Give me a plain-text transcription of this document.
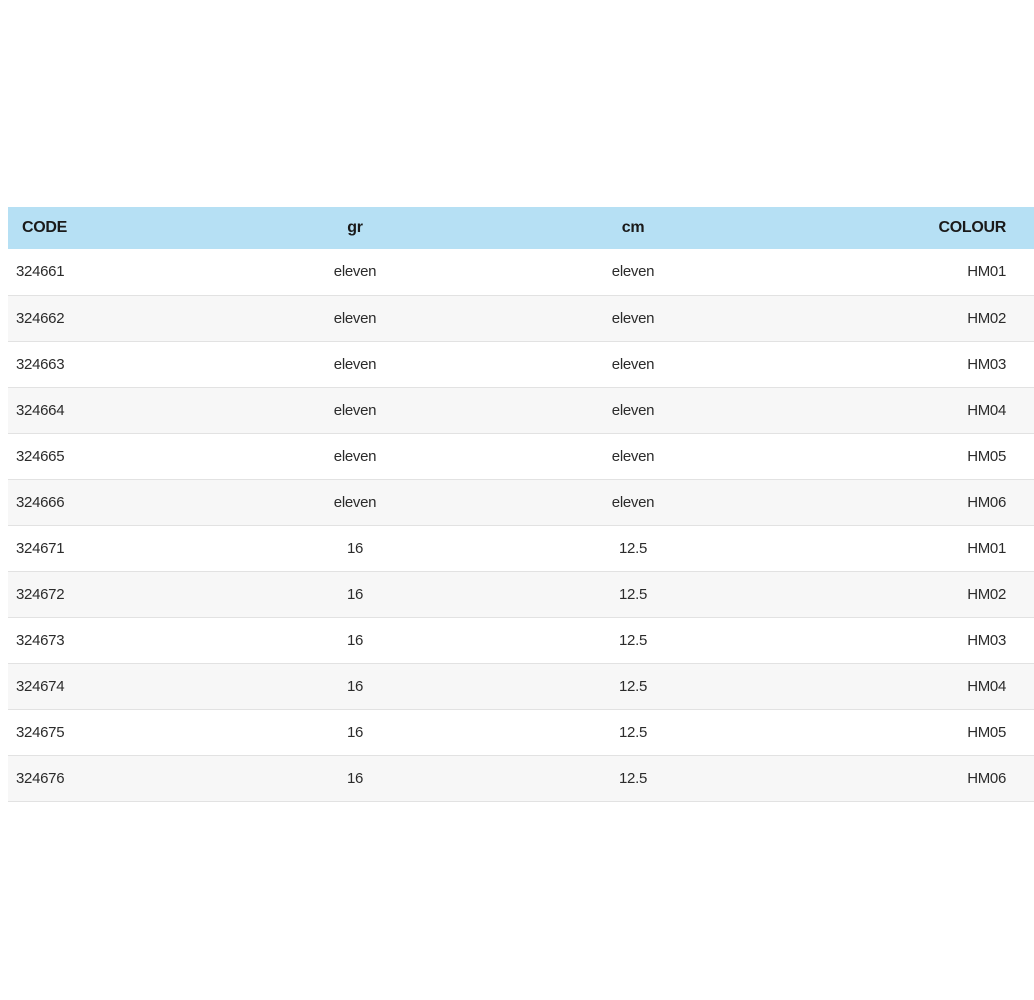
CODE	gr	cm	COLOUR
324661	eleven	eleven	HM01
324662	eleven	eleven	HM02
324663	eleven	eleven	HM03
324664	eleven	eleven	HM04
324665	eleven	eleven	HM05
324666	eleven	eleven	HM06
324671	16	12.5	HM01
324672	16	12.5	HM02
324673	16	12.5	HM03
324674	16	12.5	HM04
324675	16	12.5	HM05
324676	16	12.5	HM06
